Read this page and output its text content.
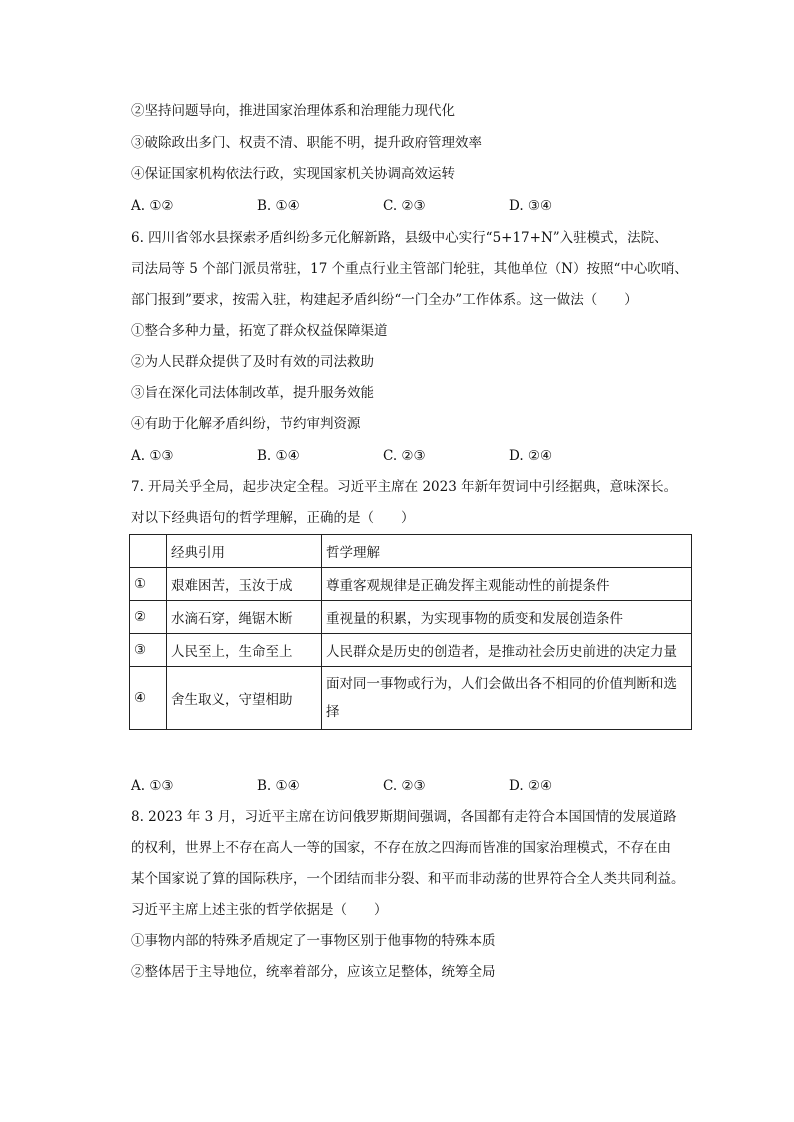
②坚持问题导向，推进国家治理体系和治理能力现代化
③破除政出多门、权责不清、职能不明，提升政府管理效率
④保证国家机构依法行政，实现国家机关协调高效运转
A. ①②	B. ①④	C. ②③	D. ③④
6. 四川省邻水县探索矛盾纠纷多元化解新路，县级中心实行“5+17+N”入驻模式，法院、
司法局等 5 个部门派员常驻，17 个重点行业主管部门轮驻，其他单位（N）按照“中心吹哨、
部门报到”要求，按需入驻，构建起矛盾纠纷“一门全办”工作体系。这一做法（　　）
①整合多种力量，拓宽了群众权益保障渠道
②为人民群众提供了及时有效的司法救助
③旨在深化司法体制改革，提升服务效能
④有助于化解矛盾纠纷，节约审判资源
A. ①③	B. ①④	C. ②③	D. ②④
7. 开局关乎全局，起步决定全程。习近平主席在 2023 年新年贺词中引经据典，意味深长。
对以下经典语句的哲学理解，正确的是（　　）
	经典引用	哲学理解
①	艰难困苦，玉汝于成	尊重客观规律是正确发挥主观能动性的前提条件
②	水滴石穿，绳锯木断	重视量的积累，为实现事物的质变和发展创造条件
③	人民至上，生命至上	人民群众是历史的创造者，是推动社会历史前进的决定力量
④	舍生取义，守望相助	面对同一事物或行为，人们会做出各不相同的价值判断和选择
A. ①③	B. ①④	C. ②③	D. ②④
8. 2023 年 3 月，习近平主席在访问俄罗斯期间强调，各国都有走符合本国国情的发展道路
的权利，世界上不存在高人一等的国家，不存在放之四海而皆准的国家治理模式，不存在由
某个国家说了算的国际秩序，一个团结而非分裂、和平而非动荡的世界符合全人类共同利益。
习近平主席上述主张的哲学依据是（　　）
①事物内部的特殊矛盾规定了一事物区别于他事物的特殊本质
②整体居于主导地位，统率着部分，应该立足整体，统筹全局
